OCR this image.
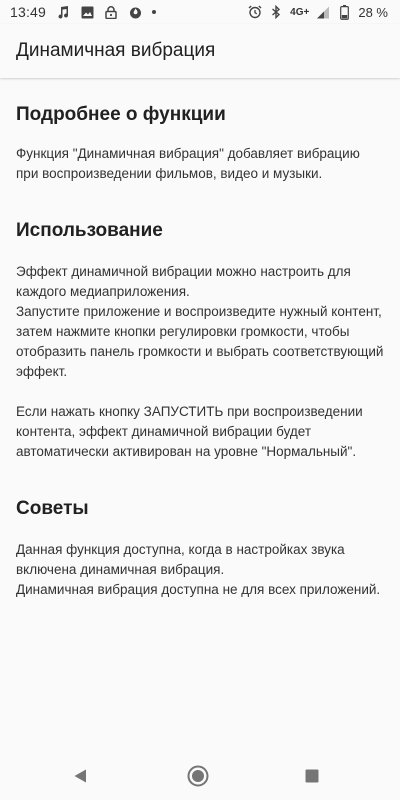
13:49	4G+	28 %
Динамичная вибрация
Подробнее о функции

Функция "Динамичная вибрация" добавляет вибрацию при воспроизведении фильмов, видео и музыки.

Использование

Эффект динамичной вибрации можно настроить для каждого медиаприложения.
Запустите приложение и воспроизведите нужный контент, затем нажмите кнопки регулировки громкости, чтобы отобразить панель громкости и выбрать соответствующий эффект.

Если нажать кнопку ЗАПУСТИТЬ при воспроизведении контента, эффект динамичной вибрации будет автоматически активирован на уровне "Нормальный".

Советы

Данная функция доступна, когда в настройках звука включена динамичная вибрация.
Динамичная вибрация доступна не для всех приложений.
